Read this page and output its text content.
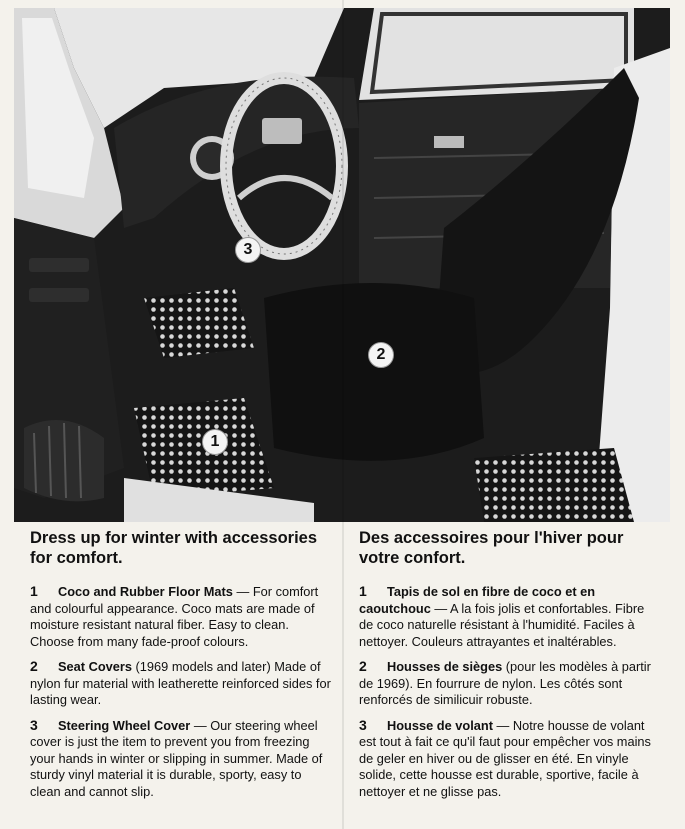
3
2
1
Dress up for winter with accessories for comfort.
1 Coco and Rubber Floor Mats — For comfort and colourful appearance. Coco mats are made of moisture resistant natural fiber. Easy to clean. Choose from many fade-proof colours.
2 Seat Covers (1969 models and later) Made of nylon fur material with leatherette reinforced sides for lasting wear.
3 Steering Wheel Cover — Our steering wheel cover is just the item to prevent you from freezing your hands in winter or slipping in summer. Made of sturdy vinyl material it is durable, sporty, easy to clean and cannot slip.
Des accessoires pour l'hiver pour votre confort.
1 Tapis de sol en fibre de coco et en caoutchouc — A la fois jolis et confortables. Fibre de coco naturelle résistant à l'humidité. Faciles à nettoyer. Couleurs attrayantes et inaltérables.
2 Housses de sièges (pour les modèles à partir de 1969). En fourrure de nylon. Les côtés sont renforcés de similicuir robuste.
3 Housse de volant — Notre housse de volant est tout à fait ce qu'il faut pour empêcher vos mains de geler en hiver ou de glisser en été. En vinyle solide, cette housse est durable, sportive, facile à nettoyer et ne glisse pas.
